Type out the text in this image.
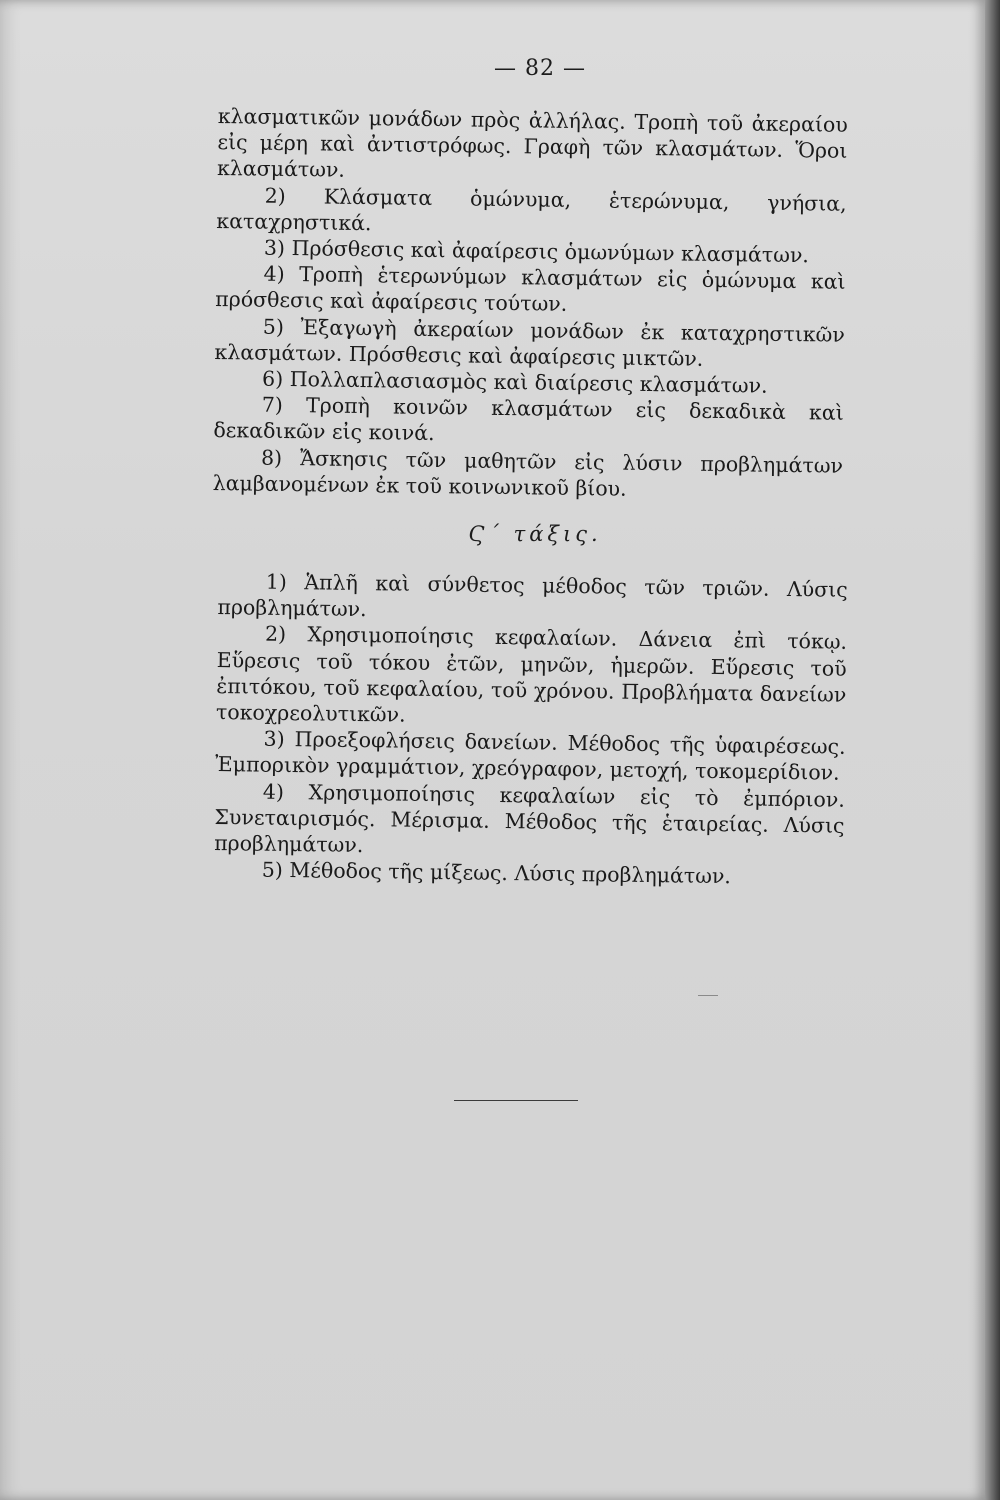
— 82 —

κλασματικῶν μονάδων πρὸς ἀλλήλας. Τροπὴ τοῦ ἀκεραίου εἰς μέρη καὶ ἀντιστρόφως. Γραφὴ τῶν κλασμάτων. Ὅροι κλασμάτων.

2) Κλάσματα ὁμώνυμα, ἑτερώνυμα, γνήσια, καταχρηστικά.

3) Πρόσθεσις καὶ ἀφαίρεσις ὁμωνύμων κλασμάτων.

4) Τροπὴ ἑτερωνύμων κλασμάτων εἰς ὁμώνυμα καὶ πρόσθεσις καὶ ἀφαίρεσις τούτων.

5) Ἐξαγωγὴ ἀκεραίων μονάδων ἐκ καταχρηστικῶν κλασμάτων. Πρόσθεσις καὶ ἀφαίρεσις μικτῶν.

6) Πολλαπλασιασμὸς καὶ διαίρεσις κλασμάτων.

7) Τροπὴ κοινῶν κλασμάτων εἰς δεκαδικὰ καὶ δεκαδικῶν εἰς κοινά.

8) Ἄσκησις τῶν μαθητῶν εἰς λύσιν προβλημάτων λαμβανομένων ἐκ τοῦ κοινωνικοῦ βίου.

Ϛ΄ τάξις.

1) Ἁπλῆ καὶ σύνθετος μέθοδος τῶν τριῶν. Λύσις προβλημάτων.

2) Χρησιμοποίησις κεφαλαίων. Δάνεια ἐπὶ τόκῳ. Εὕρεσις τοῦ τόκου ἐτῶν, μηνῶν, ἡμερῶν. Εὕρεσις τοῦ ἐπιτόκου, τοῦ κεφαλαίου, τοῦ χρόνου. Προβλήματα δανείων τοκοχρεολυτικῶν.

3) Προεξοφλήσεις δανείων. Μέθοδος τῆς ὑφαιρέσεως. Ἐμπορικὸν γραμμάτιον, χρεόγραφον, μετοχή, τοκομερίδιον.

4) Χρησιμοποίησις κεφαλαίων εἰς τὸ ἐμπόριον. Συνεταιρισμός. Μέρισμα. Μέθοδος τῆς ἑταιρείας. Λύσις προβλημάτων.

5) Μέθοδος τῆς μίξεως. Λύσις προβλημάτων.
